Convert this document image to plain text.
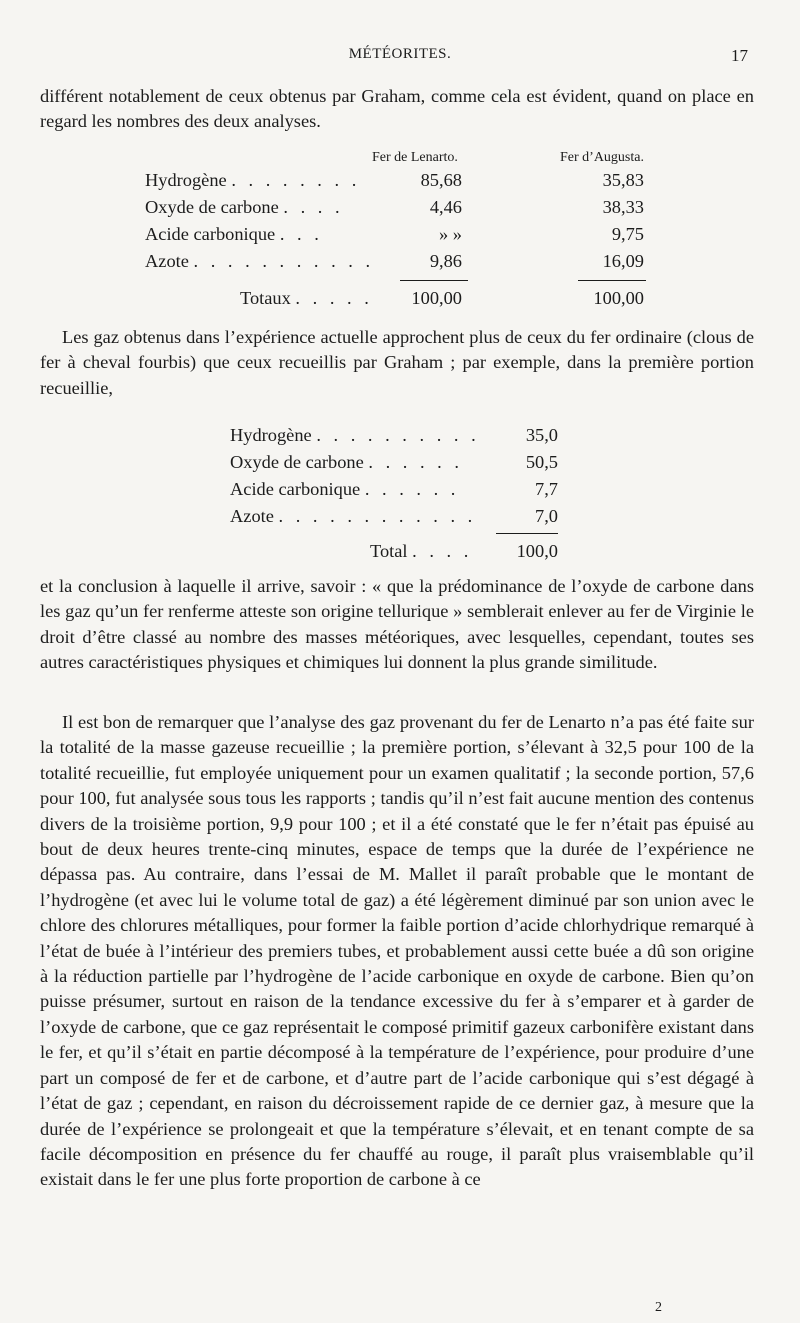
MÉTÉORITES.	17

différent notablement de ceux obtenus par Graham, comme cela est évident, quand on place en regard les nombres des deux analyses.

Fer de Lenarto.	Fer d’Augusta.
Hydrogène . . . . . . . .	85,68	35,83
Oxyde de carbone . . . .	4,46	38,33
Acide carbonique . . .	» »	9,75
Azote . . . . . . . . . . .	9,86	16,09
Totaux . . . . . 100,00	100,00

Les gaz obtenus dans l’expérience actuelle approchent plus de ceux du fer ordinaire (clous de fer à cheval fourbis) que ceux recueillis par Graham ; par exemple, dans la première portion recueillie,

Hydrogène . . . . . . . . . .	35,0
Oxyde de carbone . . . . . .	50,5
Acide carbonique . . . . . .	7,7
Azote . . . . . . . . . . . .	7,0
Total . . . . 100,0

et la conclusion à laquelle il arrive, savoir : « que la prédominance de l’oxyde de carbone dans les gaz qu’un fer renferme atteste son origine tellurique » semblerait enlever au fer de Virginie le droit d’être classé au nombre des masses météoriques, avec lesquelles, cependant, toutes ses autres caractéristiques physiques et chimiques lui donnent la plus grande similitude.

Il est bon de remarquer que l’analyse des gaz provenant du fer de Lenarto n’a pas été faite sur la totalité de la masse gazeuse recueillie ; la première portion, s’élevant à 32,5 pour 100 de la totalité recueillie, fut employée uniquement pour un examen qualitatif ; la seconde portion, 57,6 pour 100, fut analysée sous tous les rapports ; tandis qu’il n’est fait aucune mention des contenus divers de la troisième portion, 9,9 pour 100 ; et il a été constaté que le fer n’était pas épuisé au bout de deux heures trente-cinq minutes, espace de temps que la durée de l’expérience ne dépassa pas. Au contraire, dans l’essai de M. Mallet il paraît probable que le montant de l’hydrogène (et avec lui le volume total de gaz) a été légèrement diminué par son union avec le chlore des chlorures métalliques, pour former la faible portion d’acide chlorhydrique remarqué à l’état de buée à l’intérieur des premiers tubes, et probablement aussi cette buée a dû son origine à la réduction partielle par l’hydrogène de l’acide carbonique en oxyde de carbone. Bien qu’on puisse présumer, surtout en raison de la tendance excessive du fer à s’emparer et à garder de l’oxyde de carbone, que ce gaz représentait le composé primitif gazeux carbonifère existant dans le fer, et qu’il s’était en partie décomposé à la température de l’expérience, pour produire d’une part un composé de fer et de carbone, et d’autre part de l’acide carbonique qui s’est dégagé à l’état de gaz ; cependant, en raison du décroissement rapide de ce dernier gaz, à mesure que la durée de l’expérience se prolongeait et que la température s’élevait, et en tenant compte de sa facile décomposition en présence du fer chauffé au rouge, il paraît plus vraisemblable qu’il existait dans le fer une plus forte proportion de carbone à ce

2
